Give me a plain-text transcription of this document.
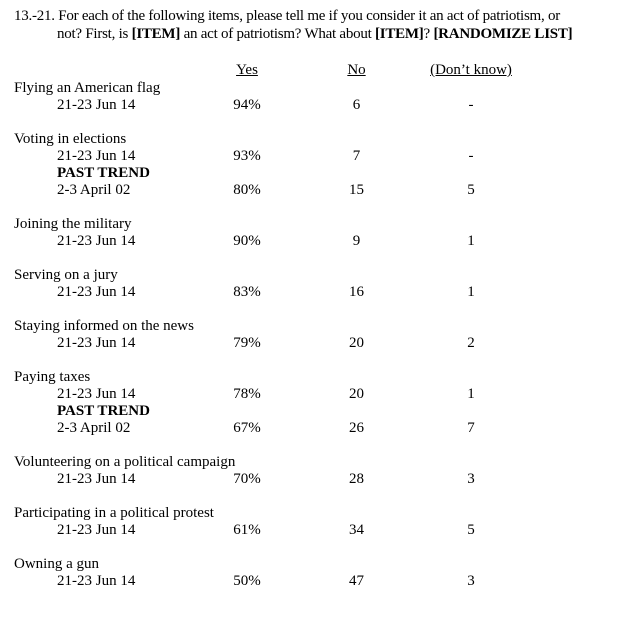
13.-21. For each of the following items, please tell me if you consider it an act of patriotism, or
not? First, is [ITEM] an act of patriotism? What about [ITEM]? [RANDOMIZE LIST]
	Yes	No	(Don’t know)	
Flying an American flag				
21-23 Jun 14	94%	6	-	

Voting in elections				
21-23 Jun 14	93%	7	-	
PAST TREND				
2-3 April 02	80%	15	5	

Joining the military				
21-23 Jun 14	90%	9	1	

Serving on a jury				
21-23 Jun 14	83%	16	1	

Staying informed on the news				
21-23 Jun 14	79%	20	2	

Paying taxes				
21-23 Jun 14	78%	20	1	
PAST TREND				
2-3 April 02	67%	26	7	

Volunteering on a political campaign				
21-23 Jun 14	70%	28	3	

Participating in a political protest				
21-23 Jun 14	61%	34	5	

Owning a gun				
21-23 Jun 14	50%	47	3	
